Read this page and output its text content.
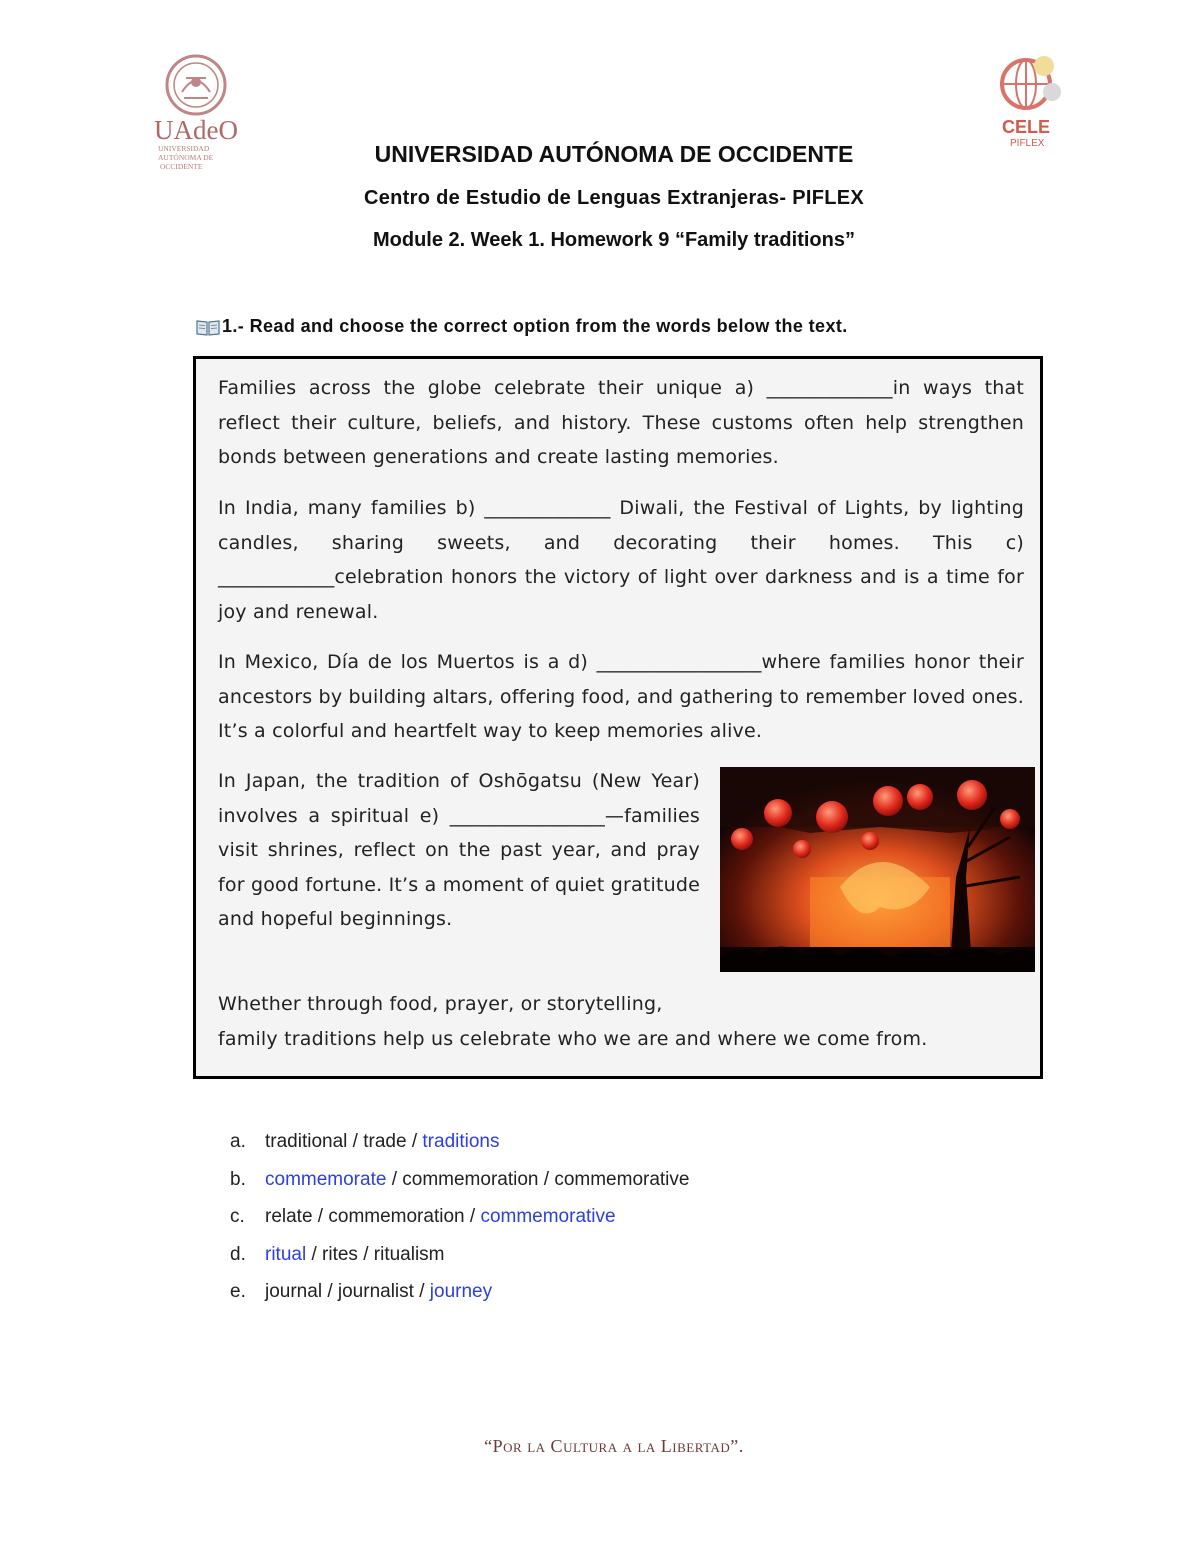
UAdeO
UNIVERSIDAD
AUTÓNOMA DE
OCCIDENTE
CELE
PIFLEX
UNIVERSIDAD AUTÓNOMA DE OCCIDENTE
Centro de Estudio de Lenguas Extranjeras- PIFLEX
Module 2. Week 1. Homework 9 “Family traditions”
1.- Read and choose the correct option from the words below the text.

Families across the globe celebrate their unique a) _____________in ways that reflect their culture, beliefs, and history. These customs often help strengthen bonds between generations and create lasting memories.

In India, many families b) _____________ Diwali, the Festival of Lights, by lighting candles, sharing sweets, and decorating their homes. This c) ____________celebration honors the victory of light over darkness and is a time for joy and renewal.

In Mexico, Día de los Muertos is a d) _________________where families honor their ancestors by building altars, offering food, and gathering to remember loved ones. It’s a colorful and heartfelt way to keep memories alive.

In Japan, the tradition of Oshōgatsu (New Year) involves a spiritual e) ________________—families visit shrines, reflect on the past year, and pray for good fortune. It’s a moment of quiet gratitude and hopeful beginnings.

Whether through food, prayer, or storytelling,

family traditions help us celebrate who we are and where we come from.

a.	traditional / trade / traditions
b.	commemorate / commemoration / commemorative
c.	relate / commemoration / commemorative
d.	ritual / rites / ritualism
e.	journal / journalist / journey
“Por la Cultura a la Libertad”.
